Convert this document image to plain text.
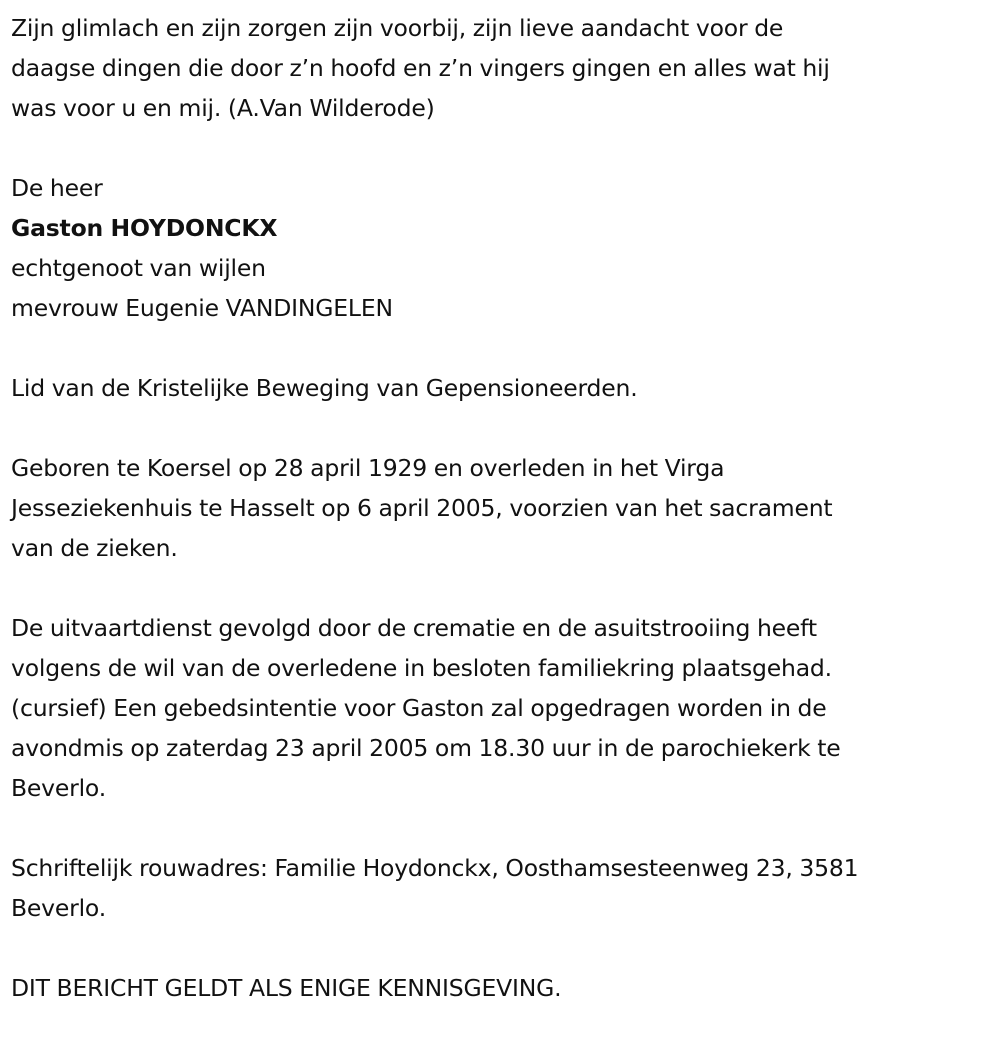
Zijn glimlach en zijn zorgen zijn voorbij, zijn lieve aandacht voor de
daagse dingen die door z’n hoofd en z’n vingers gingen en alles wat hij
was voor u en mij. (A.Van Wilderode)

De heer

Gaston HOYDONCKX

echtgenoot van wijlen

mevrouw Eugenie VANDINGELEN

Lid van de Kristelijke Beweging van Gepensioneerden.

Geboren te Koersel op 28 april 1929 en overleden in het Virga
Jesseziekenhuis te Hasselt op 6 april 2005, voorzien van het sacrament
van de zieken.

De uitvaartdienst gevolgd door de crematie en de asuitstrooiing heeft
volgens de wil van de overledene in besloten familiekring plaatsgehad.
(cursief) Een gebedsintentie voor Gaston zal opgedragen worden in de
avondmis op zaterdag 23 april 2005 om 18.30 uur in de parochiekerk te
Beverlo.

Schriftelijk rouwadres: Familie Hoydonckx, Oosthamsesteenweg 23, 3581
Beverlo.

DIT BERICHT GELDT ALS ENIGE KENNISGEVING.
